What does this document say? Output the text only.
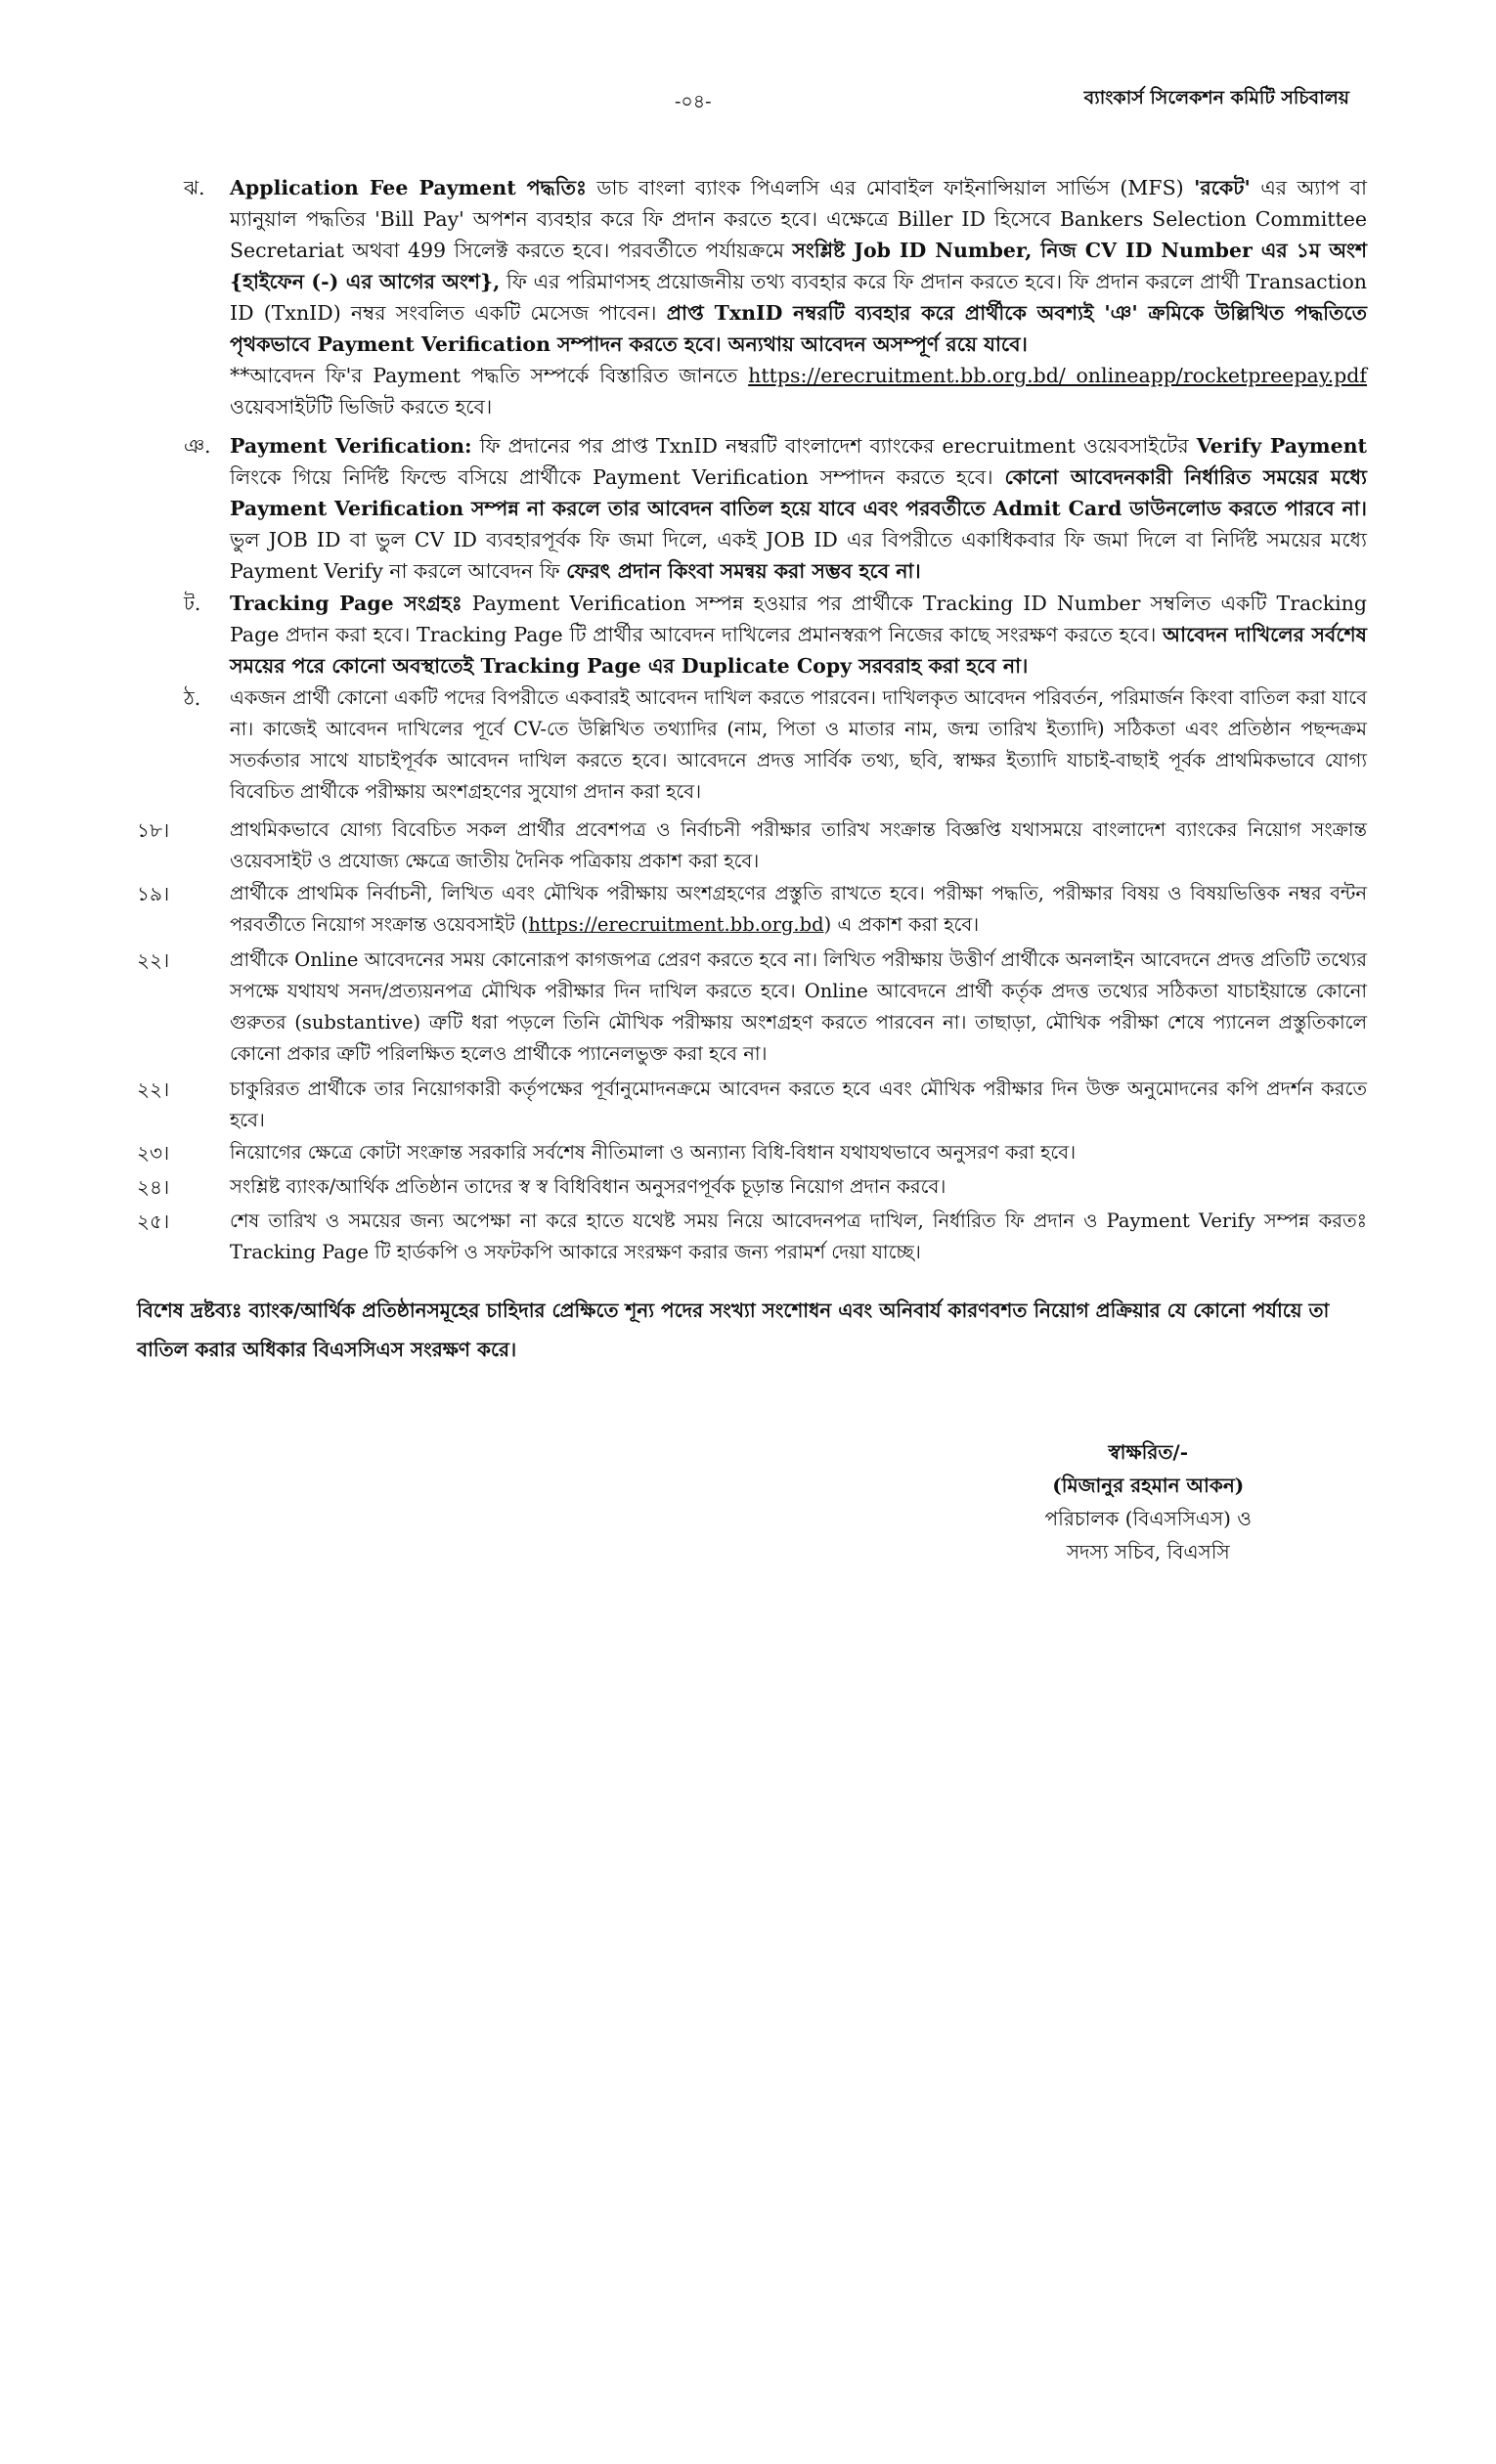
-০৪-	ব্যাংকার্স সিলেকশন কমিটি সচিবালয়
ঝ. Application Fee Payment পদ্ধতিঃ ডাচ বাংলা ব্যাংক পিএলসি এর মোবাইল ফাইনান্সিয়াল সার্ভিস (MFS) 'রকেট' এর অ্যাপ বা ম্যানুয়াল পদ্ধতির 'Bill Pay' অপশন ব্যবহার করে ফি প্রদান করতে হবে। এক্ষেত্রে Biller ID হিসেবে Bankers Selection Committee Secretariat অথবা 499 সিলেক্ট করতে হবে। পরবর্তীতে পর্যায়ক্রমে সংশ্লিষ্ট Job ID Number, নিজ CV ID Number এর ১ম অংশ {হাইফেন (-) এর আগের অংশ}, ফি এর পরিমাণসহ প্রয়োজনীয় তথ্য ব্যবহার করে ফি প্রদান করতে হবে। ফি প্রদান করলে প্রার্থী Transaction ID (TxnID) নম্বর সংবলিত একটি মেসেজ পাবেন। প্রাপ্ত TxnID নম্বরটি ব্যবহার করে প্রার্থীকে অবশ্যই 'ঞ' ক্রমিকে উল্লিখিত পদ্ধতিতে পৃথকভাবে Payment Verification সম্পাদন করতে হবে। অন্যথায় আবেদন অসম্পূর্ণ রয়ে যাবে।
**আবেদন ফি'র Payment পদ্ধতি সম্পর্কে বিস্তারিত জানতে https://erecruitment.bb.org.bd/ onlineapp/rocketpreepay.pdf ওয়েবসাইটটি ভিজিট করতে হবে।
ঞ. Payment Verification: ফি প্রদানের পর প্রাপ্ত TxnID নম্বরটি বাংলাদেশ ব্যাংকের erecruitment ওয়েবসাইটের Verify Payment লিংকে গিয়ে নির্দিষ্ট ফিল্ডে বসিয়ে প্রার্থীকে Payment Verification সম্পাদন করতে হবে। কোনো আবেদনকারী নির্ধারিত সময়ের মধ্যে Payment Verification সম্পন্ন না করলে তার আবেদন বাতিল হয়ে যাবে এবং পরবর্তীতে Admit Card ডাউনলোড করতে পারবে না। ভুল JOB ID বা ভুল CV ID ব্যবহারপূর্বক ফি জমা দিলে, একই JOB ID এর বিপরীতে একাধিকবার ফি জমা দিলে বা নির্দিষ্ট সময়ের মধ্যে Payment Verify না করলে আবেদন ফি ফেরৎ প্রদান কিংবা সমন্বয় করা সম্ভব হবে না।
ট. Tracking Page সংগ্রহঃ Payment Verification সম্পন্ন হওয়ার পর প্রার্থীকে Tracking ID Number সম্বলিত একটি Tracking Page প্রদান করা হবে। Tracking Page টি প্রার্থীর আবেদন দাখিলের প্রমানস্বরূপ নিজের কাছে সংরক্ষণ করতে হবে। আবেদন দাখিলের সর্বশেষ সময়ের পরে কোনো অবস্থাতেই Tracking Page এর Duplicate Copy সরবরাহ করা হবে না।
ঠ. একজন প্রার্থী কোনো একটি পদের বিপরীতে একবারই আবেদন দাখিল করতে পারবেন। দাখিলকৃত আবেদন পরিবর্তন, পরিমার্জন কিংবা বাতিল করা যাবে না। কাজেই আবেদন দাখিলের পূর্বে CV-তে উল্লিখিত তথ্যাদির (নাম, পিতা ও মাতার নাম, জন্ম তারিখ ইত্যাদি) সঠিকতা এবং প্রতিষ্ঠান পছন্দক্রম সতর্কতার সাথে যাচাইপূর্বক আবেদন দাখিল করতে হবে। আবেদনে প্রদত্ত সার্বিক তথ্য, ছবি, স্বাক্ষর ইত্যাদি যাচাই-বাছাই পূর্বক প্রাথমিকভাবে যোগ্য বিবেচিত প্রার্থীকে পরীক্ষায় অংশগ্রহণের সুযোগ প্রদান করা হবে।
১৮।	প্রাথমিকভাবে যোগ্য বিবেচিত সকল প্রার্থীর প্রবেশপত্র ও নির্বাচনী পরীক্ষার তারিখ সংক্রান্ত বিজ্ঞপ্তি যথাসময়ে বাংলাদেশ ব্যাংকের নিয়োগ সংক্রান্ত ওয়েবসাইট ও প্রযোজ্য ক্ষেত্রে জাতীয় দৈনিক পত্রিকায় প্রকাশ করা হবে।
১৯।	প্রার্থীকে প্রাথমিক নির্বাচনী, লিখিত এবং মৌখিক পরীক্ষায় অংশগ্রহণের প্রস্তুতি রাখতে হবে। পরীক্ষা পদ্ধতি, পরীক্ষার বিষয় ও বিষয়ভিত্তিক নম্বর বন্টন পরবর্তীতে নিয়োগ সংক্রান্ত ওয়েবসাইট (https://erecruitment.bb.org.bd) এ প্রকাশ করা হবে।
২২।	প্রার্থীকে Online আবেদনের সময় কোনোরূপ কাগজপত্র প্রেরণ করতে হবে না। লিখিত পরীক্ষায় উত্তীর্ণ প্রার্থীকে অনলাইন আবেদনে প্রদত্ত প্রতিটি তথ্যের সপক্ষে যথাযথ সনদ/প্রত্যয়নপত্র মৌখিক পরীক্ষার দিন দাখিল করতে হবে। Online আবেদনে প্রার্থী কর্তৃক প্রদত্ত তথ্যের সঠিকতা যাচাইয়ান্তে কোনো গুরুতর (substantive) ত্রুটি ধরা পড়লে তিনি মৌখিক পরীক্ষায় অংশগ্রহণ করতে পারবেন না। তাছাড়া, মৌখিক পরীক্ষা শেষে প্যানেল প্রস্তুতিকালে কোনো প্রকার ত্রুটি পরিলক্ষিত হলেও প্রার্থীকে প্যানেলভুক্ত করা হবে না।
২২।	চাকুরিরত প্রার্থীকে তার নিয়োগকারী কর্তৃপক্ষের পূর্বানুমোদনক্রমে আবেদন করতে হবে এবং মৌখিক পরীক্ষার দিন উক্ত অনুমোদনের কপি প্রদর্শন করতে হবে।
২৩।	নিয়োগের ক্ষেত্রে কোটা সংক্রান্ত সরকারি সর্বশেষ নীতিমালা ও অন্যান্য বিধি-বিধান যথাযথভাবে অনুসরণ করা হবে।
২৪।	সংশ্লিষ্ট ব্যাংক/আর্থিক প্রতিষ্ঠান তাদের স্ব স্ব বিধিবিধান অনুসরণপূর্বক চূড়ান্ত নিয়োগ প্রদান করবে।
২৫।	শেষ তারিখ ও সময়ের জন্য অপেক্ষা না করে হাতে যথেষ্ট সময় নিয়ে আবেদনপত্র দাখিল, নির্ধারিত ফি প্রদান ও Payment Verify সম্পন্ন করতঃ Tracking Page টি হার্ডকপি ও সফটকপি আকারে সংরক্ষণ করার জন্য পরামর্শ দেয়া যাচ্ছে।
বিশেষ দ্রষ্টব্যঃ ব্যাংক/আর্থিক প্রতিষ্ঠানসমূহের চাহিদার প্রেক্ষিতে শূন্য পদের সংখ্যা সংশোধন এবং অনিবার্য কারণবশত নিয়োগ প্রক্রিয়ার যে কোনো পর্যায়ে তা বাতিল করার অধিকার বিএসসিএস সংরক্ষণ করে।
স্বাক্ষরিত/-
(মিজানুর রহমান আকন)
পরিচালক (বিএসসিএস) ও
সদস্য সচিব, বিএসসি
